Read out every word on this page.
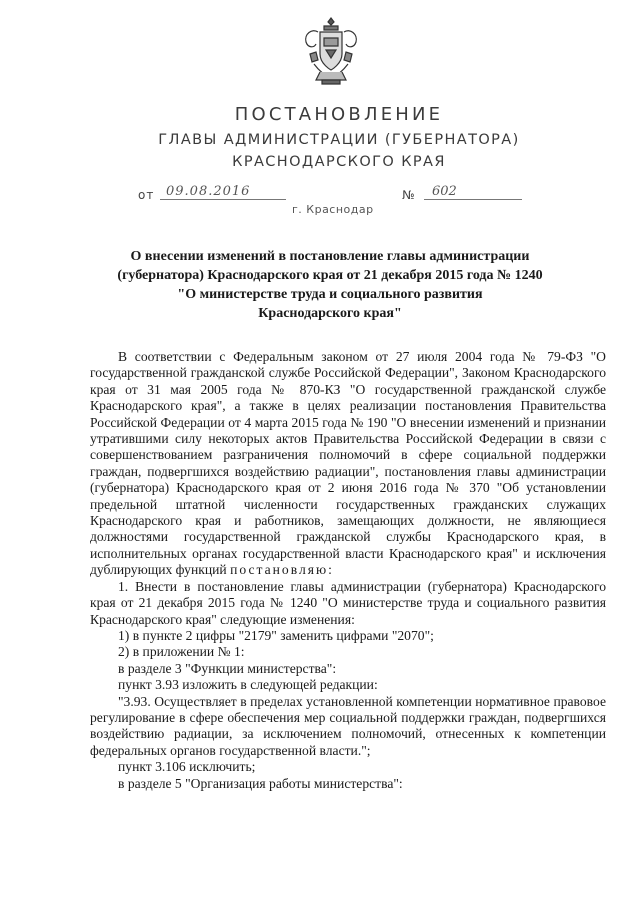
ПОСТАНОВЛЕНИЕ
ГЛАВЫ АДМИНИСТРАЦИИ (ГУБЕРНАТОРА)
КРАСНОДАРСКОГО КРАЯ
от 09.08.2016	№	602
г. Краснодар
О внесении изменений в постановление главы администрации
(губернатора) Краснодарского края от 21 декабря 2015 года № 1240
"О министерстве труда и социального развития
Краснодарского края"

В соответствии с Федеральным законом от 27 июля 2004 года № 79-ФЗ "О государственной гражданской службе Российской Федерации", Законом Краснодарского края от 31 мая 2005 года № 870-КЗ "О государственной гражданской службе Краснодарского края", а также в целях реализации постановления Правительства Российской Федерации от 4 марта 2015 года № 190 "О внесении изменений и признании утратившими силу некоторых актов Правительства Российской Федерации в связи с совершенствованием разграничения полномочий в сфере социальной поддержки граждан, подвергшихся воздействию радиации", постановления главы администрации (губернатора) Краснодарского края от 2 июня 2016 года № 370 "Об установлении предельной штатной численности государственных гражданских служащих Краснодарского края и работников, замещающих должности, не являющиеся должностями государственной гражданской службы Краснодарского края, в исполнительных органах государственной власти Краснодарского края" и исключения дублирующих функций постановляю:

1. Внести в постановление главы администрации (губернатора) Краснодарского края от 21 декабря 2015 года № 1240 "О министерстве труда и социального развития Краснодарского края" следующие изменения:

1) в пункте 2 цифры "2179" заменить цифрами "2070";

2) в приложении № 1:

в разделе 3 "Функции министерства":

пункт 3.93 изложить в следующей редакции:

"3.93. Осуществляет в пределах установленной компетенции нормативное правовое регулирование в сфере обеспечения мер социальной поддержки граждан, подвергшихся воздействию радиации, за исключением полномочий, отнесенных к компетенции федеральных органов государственной власти.";

пункт 3.106 исключить;

в разделе 5 "Организация работы министерства":
